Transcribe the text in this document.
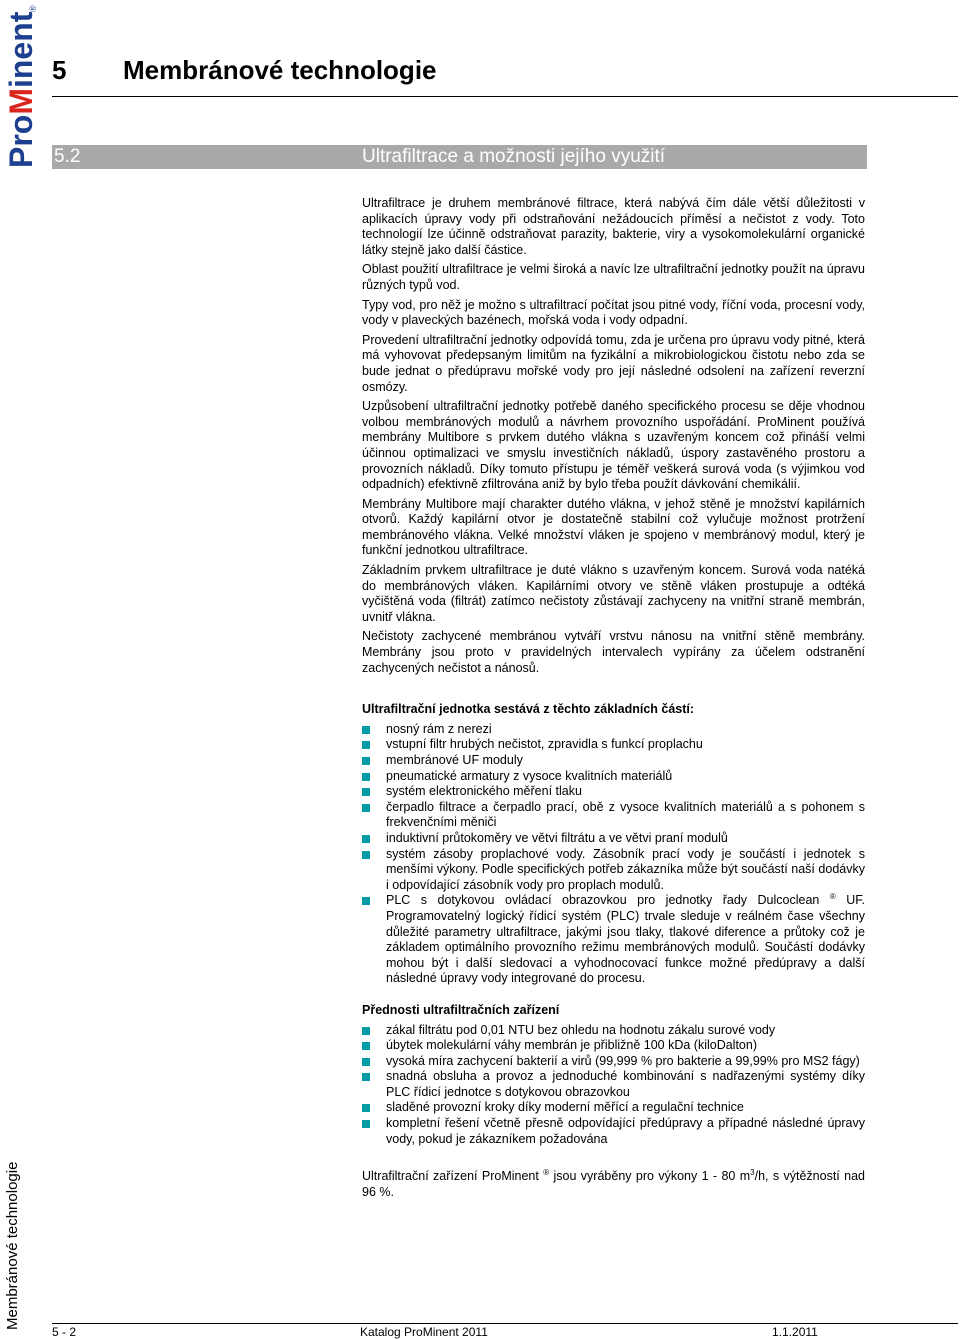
ProMinent
®
5 Membránové technologie
5.2	Ultrafiltrace a možnosti jejího využití

Ultrafiltrace je druhem membránové filtrace, která nabývá čím dále větší důležitosti v aplikacích úpravy vody při odstraňování nežádoucích příměsí a nečistot z vody. Toto technologií lze účinně odstraňovat parazity, bakterie, viry a vysokomolekulární organické látky stejně jako další částice.

Oblast použití ultrafiltrace je velmi široká a navíc lze ultrafiltrační jednotky použít na úpravu různých typů vod.

Typy vod, pro něž je možno s ultrafiltrací počítat jsou pitné vody, říční voda, procesní vody, vody v plaveckých bazénech, mořská voda i vody odpadní.

Provedení ultrafiltrační jednotky odpovídá tomu, zda je určena pro úpravu vody pitné, která má vyhovovat předepsaným limitům na fyzikální a mikrobiologickou čistotu nebo zda se bude jednat o předúpravu mořské vody pro její následné odsolení na zařízení reverzní osmózy.

Uzpůsobení ultrafiltrační jednotky potřebě daného specifického procesu se děje vhodnou volbou membránových modulů a návrhem provozního uspořádání. ProMinent používá membrány Multibore s prvkem dutého vlákna s uzavřeným koncem což přináší velmi účinnou optimalizaci ve smyslu investičních nákladů, úspory zastavěného prostoru a provozních nákladů. Díky tomuto přístupu je téměř veškerá surová voda (s výjimkou vod odpadních) efektivně zfiltrována aniž by bylo třeba použít dávkování chemikálií.

Membrány Multibore mají charakter dutého vlákna, v jehož stěně je množství kapilárních otvorů. Každý kapilární otvor je dostatečně stabilní což vylučuje možnost protržení membránového vlákna. Velké množství vláken je spojeno v membránový modul, který je funkční jednotkou ultrafiltrace.

Základním prvkem ultrafiltrace je duté vlákno s uzavřeným koncem. Surová voda natéká do membránových vláken. Kapilárními otvory ve stěně vláken prostupuje a odtéká vyčištěná voda (filtrát) zatímco nečistoty zůstávají zachyceny na vnitřní straně membrán, uvnitř vlákna.

Nečistoty zachycené membránou vytváří vrstvu nánosu na vnitřní stěně membrány. Membrány jsou proto v pravidelných intervalech vypírány za účelem odstranění zachycených nečistot a nánosů.

Ultrafiltrační jednotka sestává z těchto základních částí:
nosný rám z nerezi
vstupní filtr hrubých nečistot, zpravidla s funkcí proplachu
membránové UF moduly
pneumatické armatury z vysoce kvalitních materiálů
systém elektronického měření tlaku
čerpadlo filtrace a čerpadlo prací, obě z vysoce kvalitních materiálů a s pohonem s frekvenčními měniči
induktivní průtokoměry ve větvi filtrátu a ve větvi praní modulů
systém zásoby proplachové vody. Zásobník prací vody je součástí i jednotek s menšími výkony. Podle specifických potřeb zákazníka může být součástí naší dodávky i odpovídající zásobník vody pro proplach modulů.
PLC s dotykovou ovládací obrazovkou pro jednotky řady Dulcoclean ® UF. Programovatelný logický řídicí systém (PLC) trvale sleduje v reálném čase všechny důležité parametry ultrafiltrace, jakými jsou tlaky, tlakové diference a průtoky což je základem optimálního provozního režimu membránových modulů. Součástí dodávky mohou být i další sledovací a vyhodnocovací funkce možné předúpravy a další následné úpravy vody integrované do procesu.
Přednosti ultrafiltračních zařízení
zákal filtrátu pod 0,01 NTU bez ohledu na hodnotu zákalu surové vody
úbytek molekulární váhy membrán je přibližně 100 kDa (kiloDalton)
vysoká míra zachycení bakterií a virů (99,999 % pro bakterie a 99,99% pro MS2 fágy)
snadná obsluha a provoz a jednoduché kombinování s nadřazenými systémy díky PLC řídicí jednotce s dotykovou obrazovkou
sladěné provozní kroky díky moderní měřící a regulační technice
kompletní řešení včetně přesně odpovídající předúpravy a případné následné úpravy vody, pokud je zákazníkem požadována

Ultrafiltrační zařízení ProMinent ® jsou vyráběny pro výkony 1 - 80 $m^3/h$, s výtěžností nad 96 %.

Membránové technologie
5 - 2	Katalog ProMinent 2011	1.1.2011
